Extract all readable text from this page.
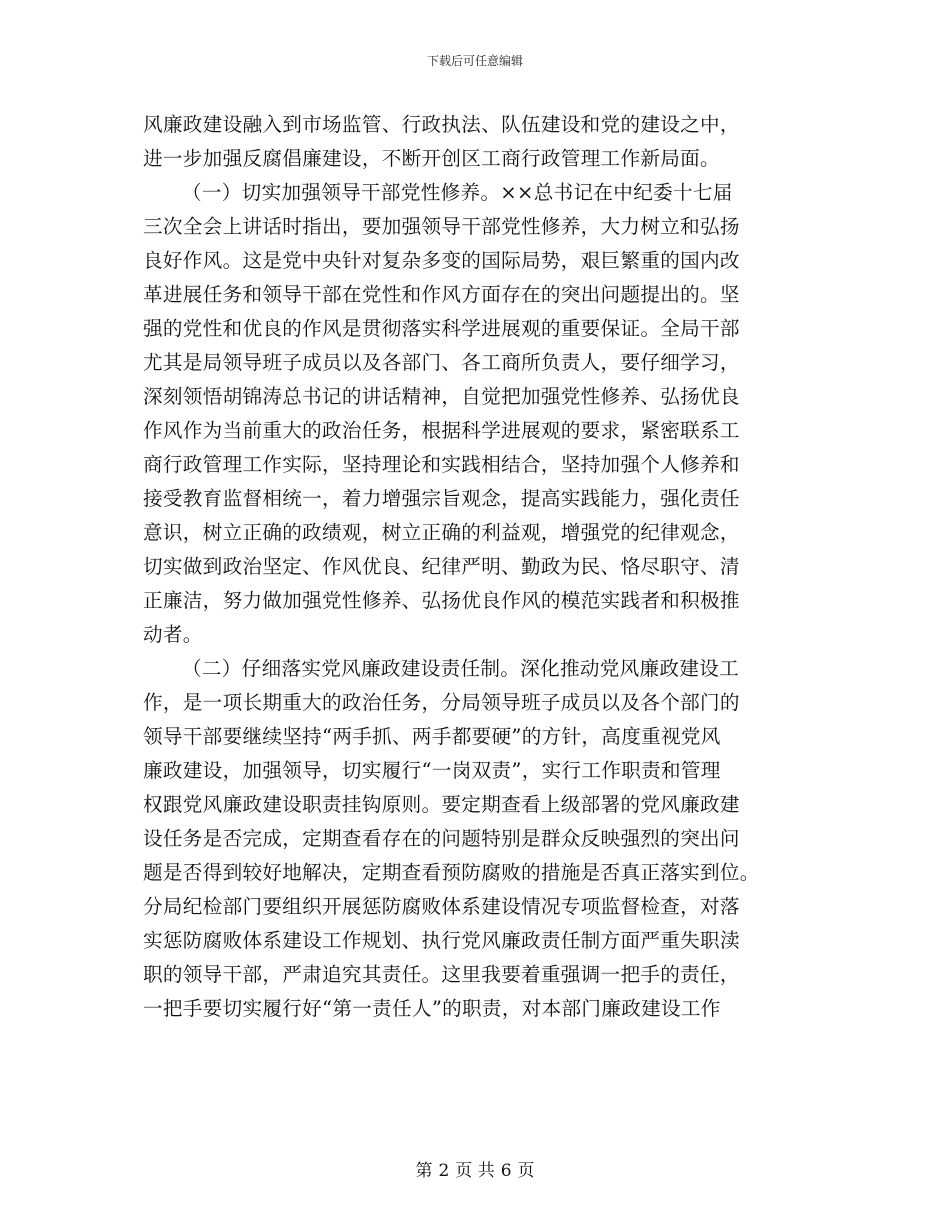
下载后可任意编辑
风廉政建设融入到市场监管、行政执法、队伍建设和党的建设之中，
进一步加强反腐倡廉建设，不断开创区工商行政管理工作新局面。
（一）切实加强领导干部党性修养。××总书记在中纪委十七届
三次全会上讲话时指出，要加强领导干部党性修养，大力树立和弘扬
良好作风。这是党中央针对复杂多变的国际局势，艰巨繁重的国内改
革进展任务和领导干部在党性和作风方面存在的突出问题提出的。坚
强的党性和优良的作风是贯彻落实科学进展观的重要保证。全局干部
尤其是局领导班子成员以及各部门、各工商所负责人，要仔细学习，
深刻领悟胡锦涛总书记的讲话精神，自觉把加强党性修养、弘扬优良
作风作为当前重大的政治任务，根据科学进展观的要求，紧密联系工
商行政管理工作实际，坚持理论和实践相结合，坚持加强个人修养和
接受教育监督相统一，着力增强宗旨观念，提高实践能力，强化责任
意识，树立正确的政绩观，树立正确的利益观，增强党的纪律观念，
切实做到政治坚定、作风优良、纪律严明、勤政为民、恪尽职守、清
正廉洁，努力做加强党性修养、弘扬优良作风的模范实践者和积极推
动者。
（二）仔细落实党风廉政建设责任制。深化推动党风廉政建设工
作，是一项长期重大的政治任务，分局领导班子成员以及各个部门的
领导干部要继续坚持“两手抓、两手都要硬”的方针，高度重视党风
廉政建设，加强领导，切实履行“一岗双责”，实行工作职责和管理
权跟党风廉政建设职责挂钩原则。要定期查看上级部署的党风廉政建
设任务是否完成，定期查看存在的问题特别是群众反映强烈的突出问
题是否得到较好地解决，定期查看预防腐败的措施是否真正落实到位。
分局纪检部门要组织开展惩防腐败体系建设情况专项监督检查，对落
实惩防腐败体系建设工作规划、执行党风廉政责任制方面严重失职渎
职的领导干部，严肃追究其责任。这里我要着重强调一把手的责任，
一把手要切实履行好“第一责任人”的职责，对本部门廉政建设工作
第 2 页 共 6 页
